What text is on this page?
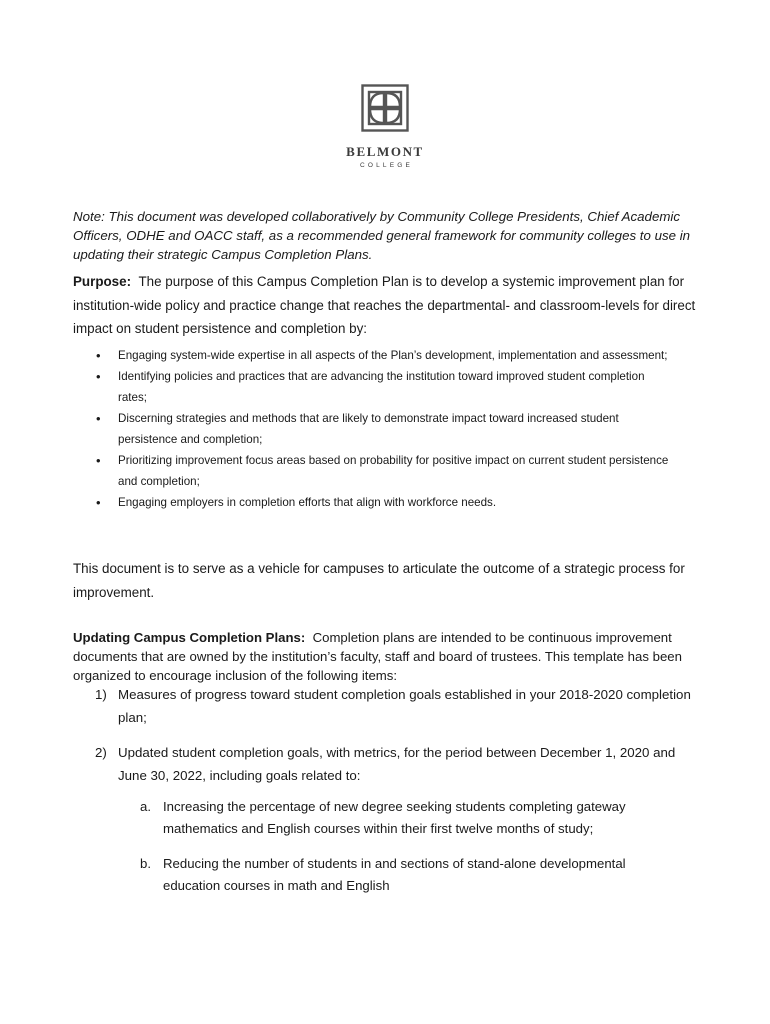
BELMONT
COLLEGE
Note: This document was developed collaboratively by Community College Presidents, Chief Academic Officers, ODHE and OACC staff, as a recommended general framework for community colleges to use in updating their strategic Campus Completion Plans.
Purpose: The purpose of this Campus Completion Plan is to develop a systemic improvement plan for institution-wide policy and practice change that reaches the departmental- and classroom-levels for direct impact on student persistence and completion by:
• Engaging system-wide expertise in all aspects of the Plan’s development, implementation and assessment;
• Identifying policies and practices that are advancing the institution toward improved student completion rates;
• Discerning strategies and methods that are likely to demonstrate impact toward increased student persistence and completion;
• Prioritizing improvement focus areas based on probability for positive impact on current student persistence and completion;
• Engaging employers in completion efforts that align with workforce needs.
This document is to serve as a vehicle for campuses to articulate the outcome of a strategic process for improvement.
Updating Campus Completion Plans: Completion plans are intended to be continuous improvement documents that are owned by the institution’s faculty, staff and board of trustees. This template has been organized to encourage inclusion of the following items:
1) Measures of progress toward student completion goals established in your 2018-2020 completion plan;
2) Updated student completion goals, with metrics, for the period between December 1, 2020 and June 30, 2022, including goals related to:
a. Increasing the percentage of new degree seeking students completing gateway mathematics and English courses within their first twelve months of study;
b. Reducing the number of students in and sections of stand-alone developmental education courses in math and English
